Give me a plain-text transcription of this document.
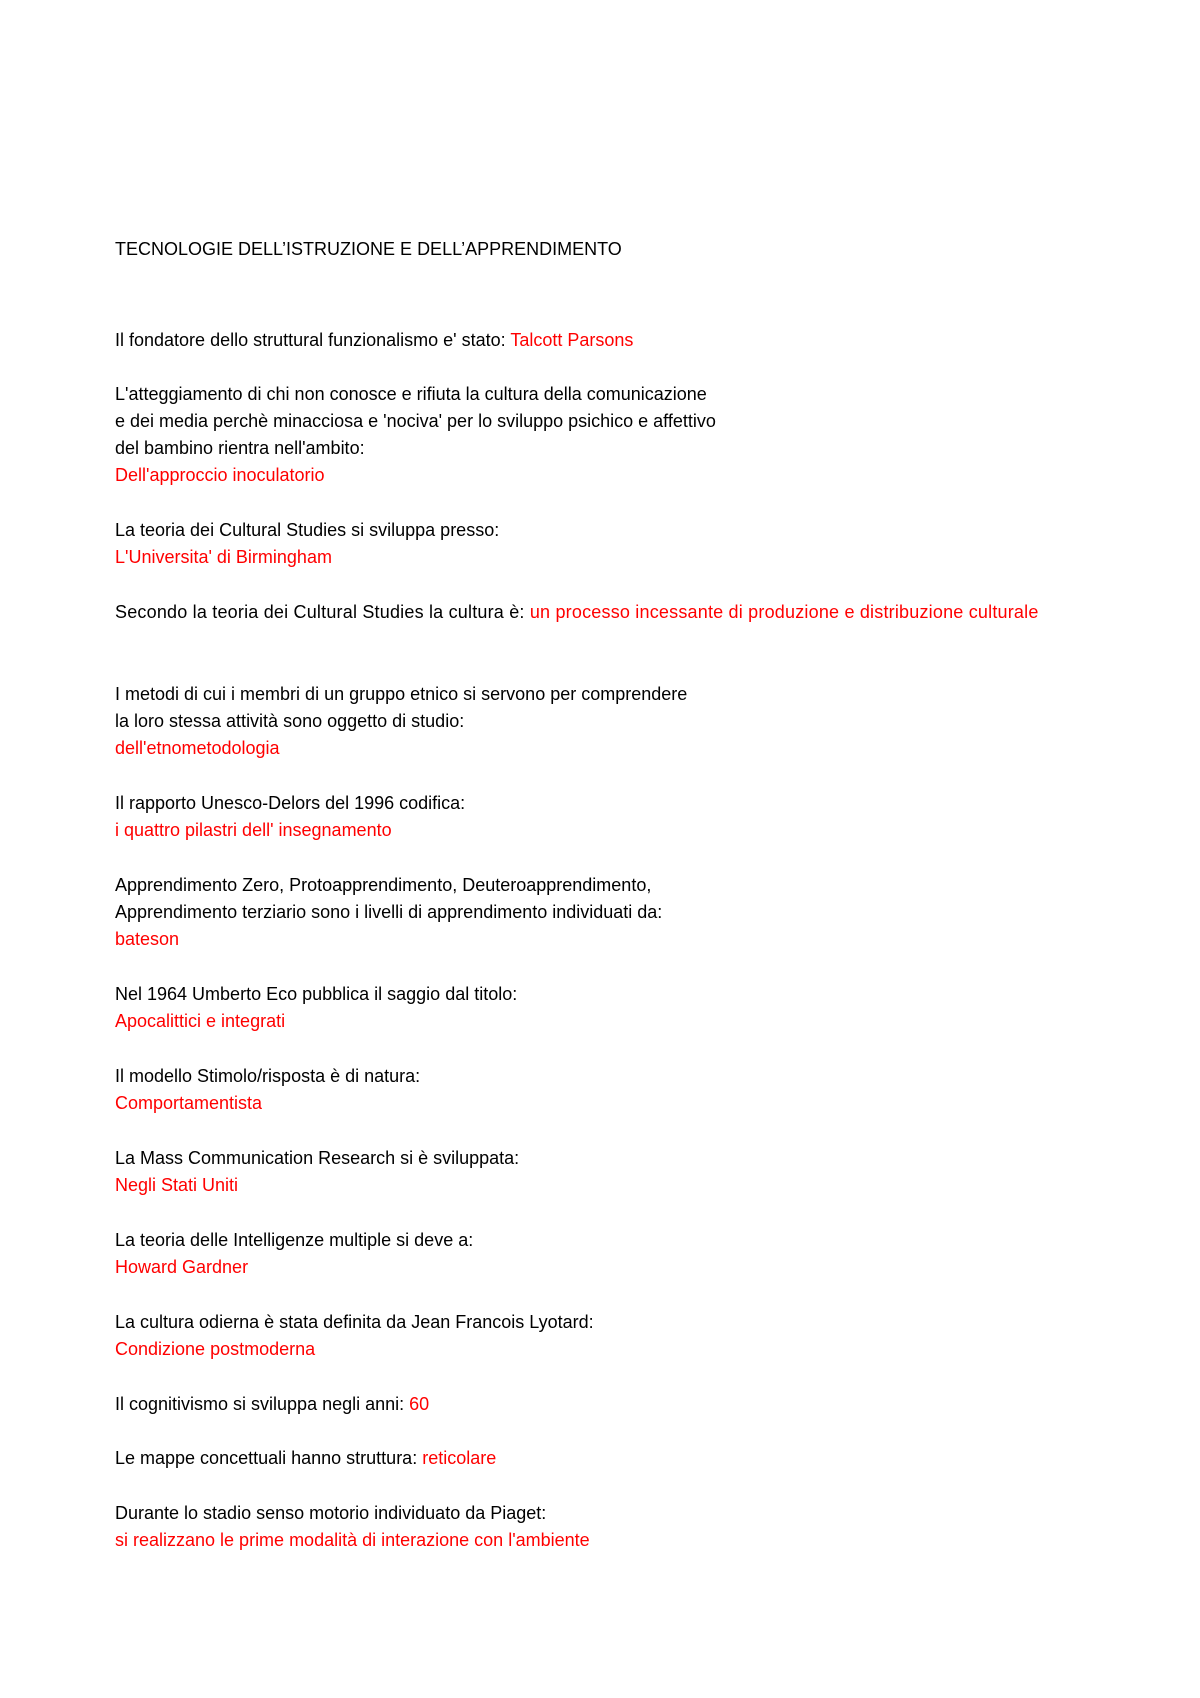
TECNOLOGIE DELL’ISTRUZIONE E DELL’APPRENDIMENTO
Il fondatore dello struttural funzionalismo e' stato: Talcott Parsons
L'atteggiamento di chi non conosce e rifiuta la cultura della comunicazione
e dei media perchè minacciosa e 'nociva' per lo sviluppo psichico e affettivo
del bambino rientra nell'ambito:
Dell'approccio inoculatorio
La teoria dei Cultural Studies si sviluppa presso:
L'Universita' di Birmingham
Secondo la teoria dei Cultural Studies la cultura è: un processo incessante di produzione e distribuzione culturale
I metodi di cui i membri di un gruppo etnico si servono per comprendere
la loro stessa attività sono oggetto di studio:
dell'etnometodologia
Il rapporto Unesco-Delors del 1996 codifica:
i quattro pilastri dell' insegnamento
Apprendimento Zero, Protoapprendimento, Deuteroapprendimento,
Apprendimento terziario sono i livelli di apprendimento individuati da:
bateson
Nel 1964 Umberto Eco pubblica il saggio dal titolo:
Apocalittici e integrati
Il modello Stimolo/risposta è di natura:
Comportamentista
La Mass Communication Research si è sviluppata:
Negli Stati Uniti
La teoria delle Intelligenze multiple si deve a:
Howard Gardner
La cultura odierna è stata definita da Jean Francois Lyotard:
Condizione postmoderna
Il cognitivismo si sviluppa negli anni: 60
Le mappe concettuali hanno struttura: reticolare
Durante lo stadio senso motorio individuato da Piaget:
si realizzano le prime modalità di interazione con l'ambiente
